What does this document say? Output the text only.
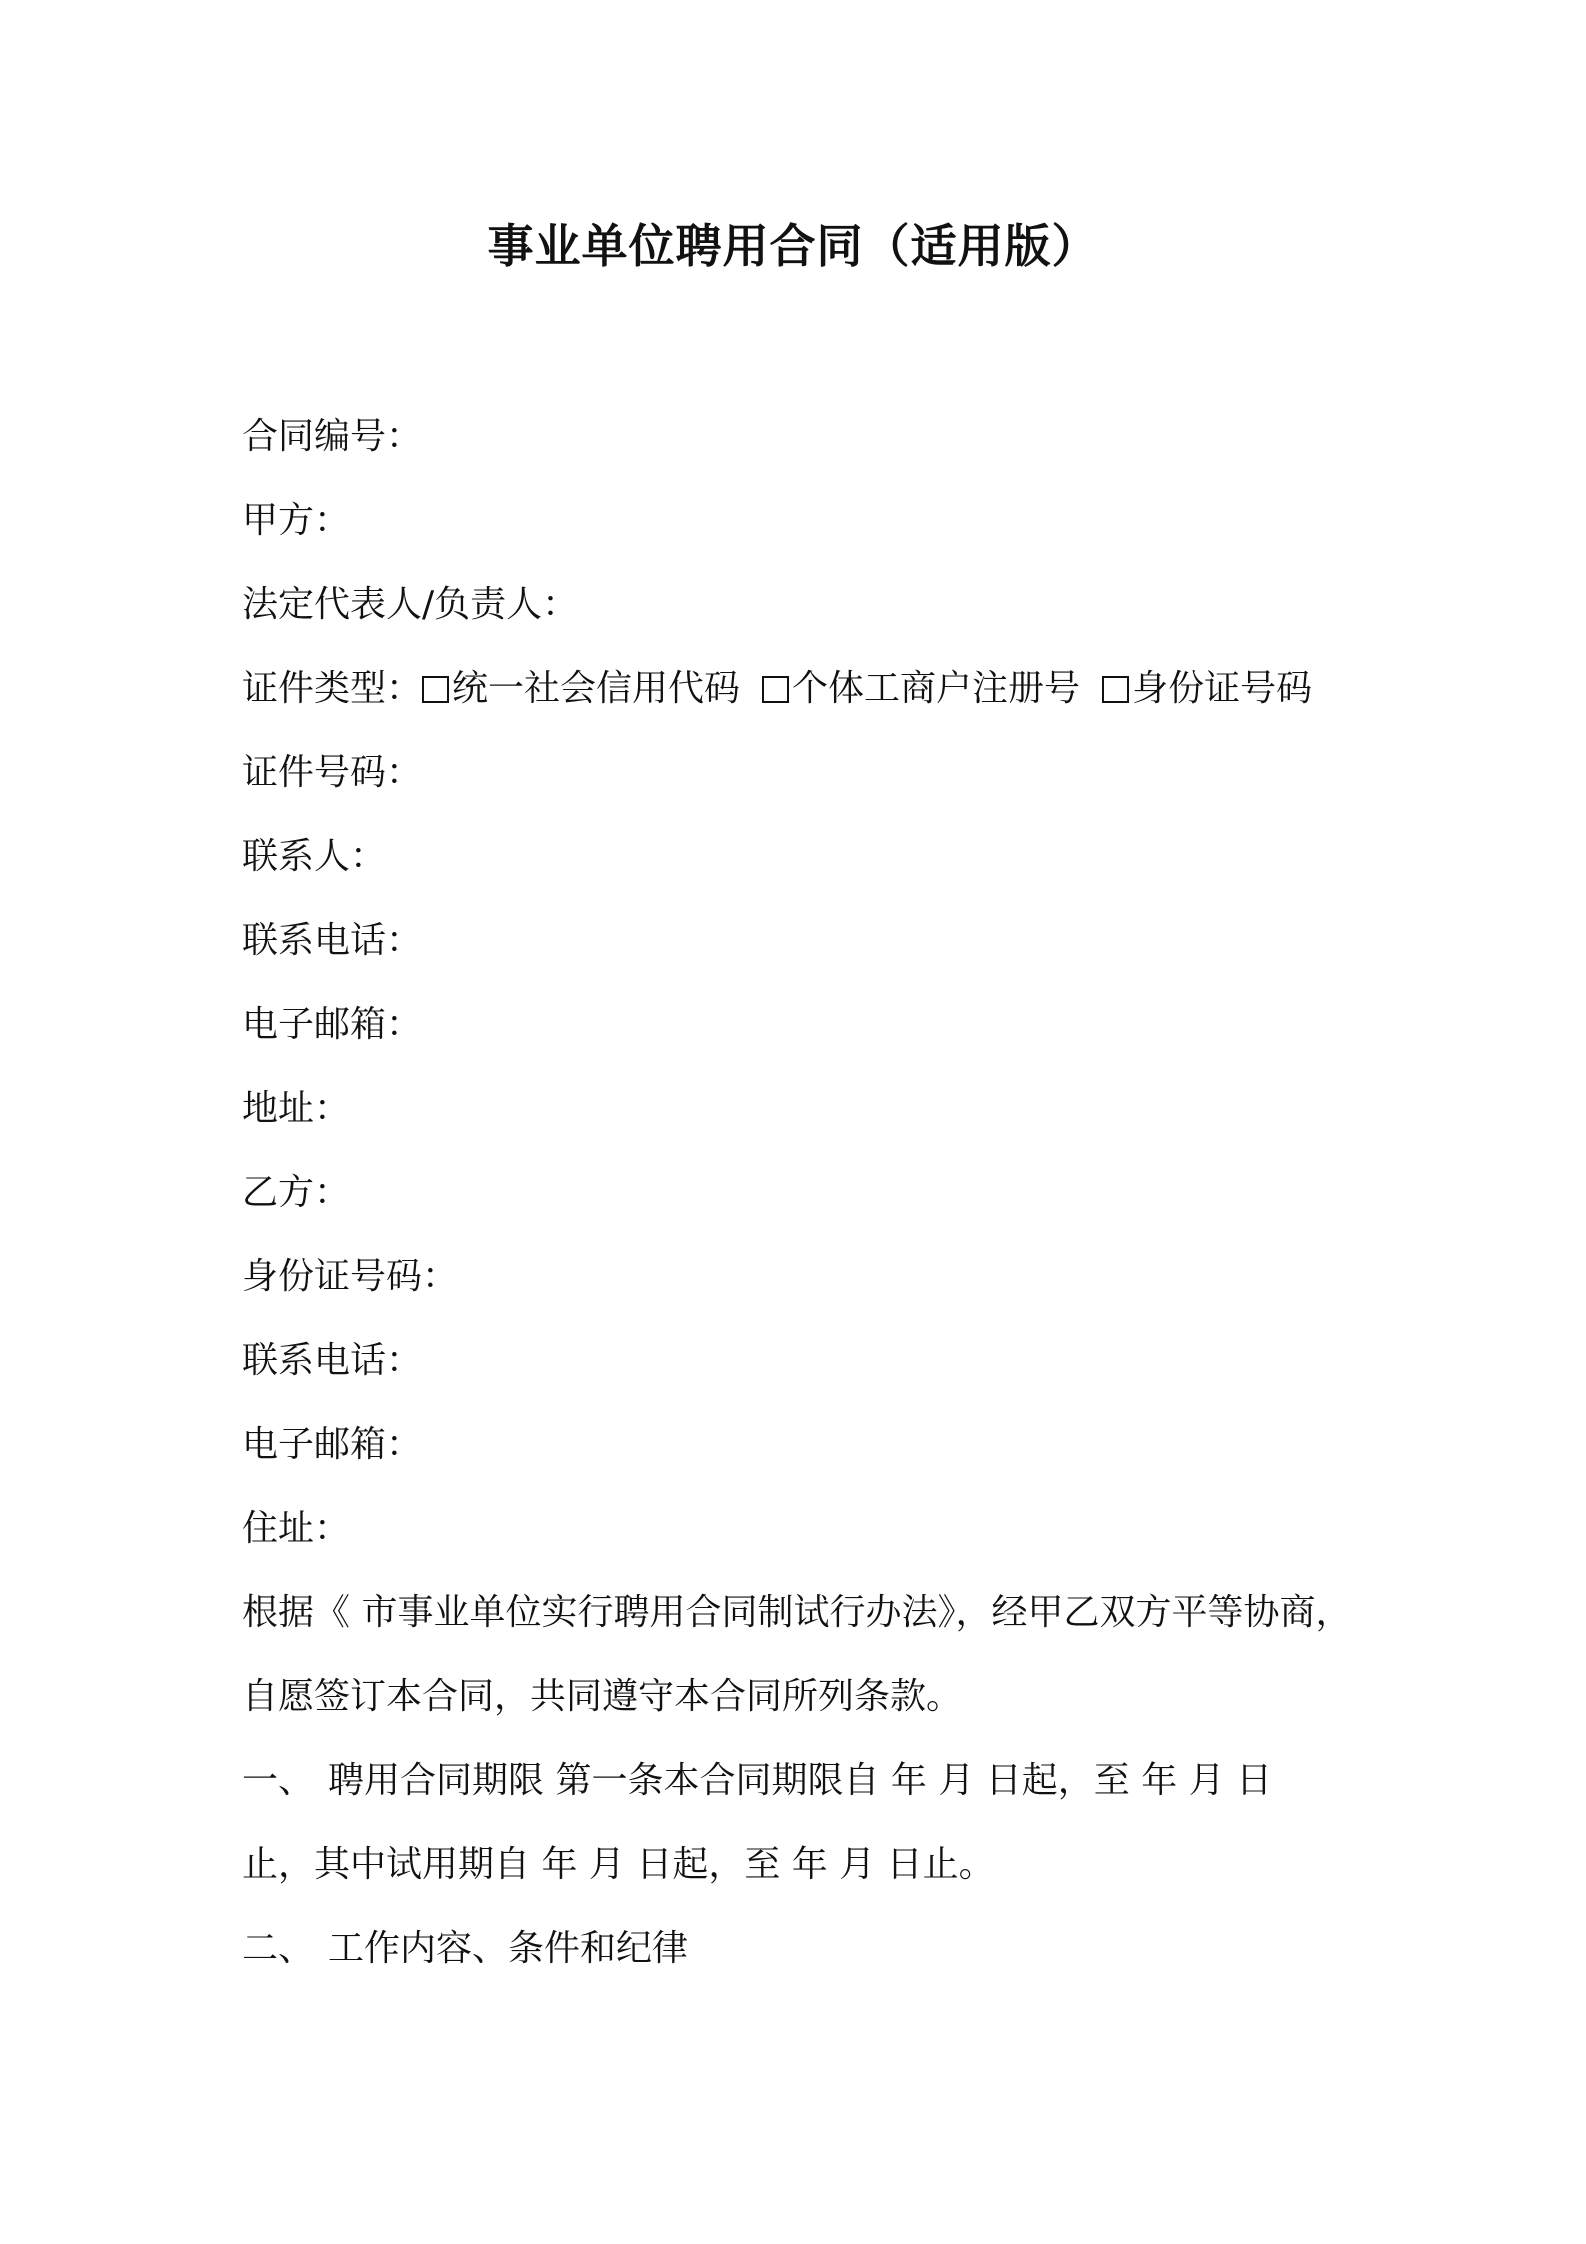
事业单位聘用合同（适用版）
合同编号：
甲方：
法定代表人/负责人：
证件类型： 统一社会信用代码 个体工商户注册号 身份证号码
证件号码：
联系人：
联系电话：
电子邮箱：
地址：
乙方：
身份证号码：
联系电话：
电子邮箱：
住址：
根据《 市事业单位实行聘用合同制试行办法》，经甲乙双方平等协商，
自愿签订本合同，共同遵守本合同所列条款。
一、 聘用合同期限 第一条本合同期限自 年 月 日起，至 年 月 日
止，其中试用期自 年 月 日起，至 年 月 日止。
二、 工作内容、条件和纪律
